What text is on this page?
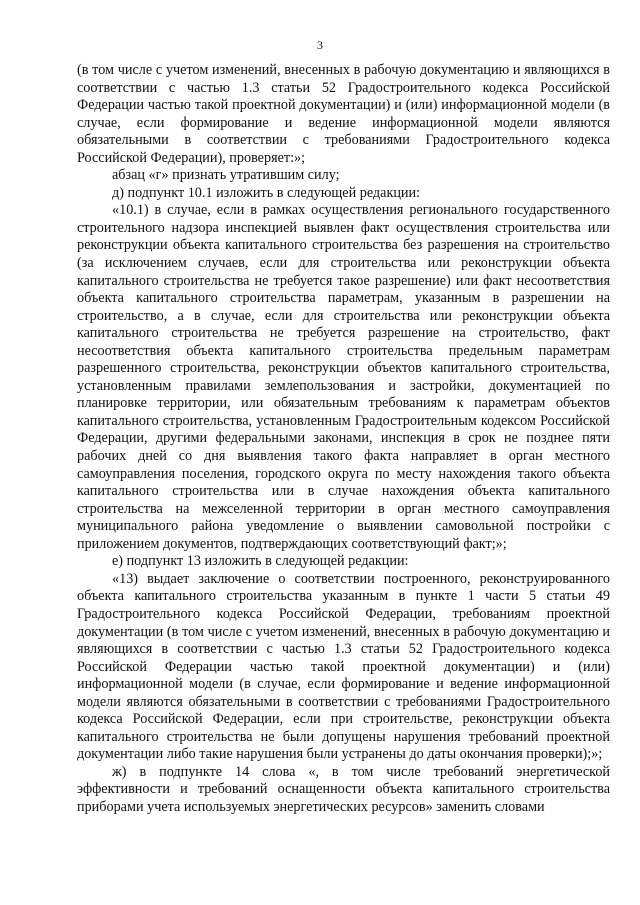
3

(в том числе с учетом изменений, внесенных в рабочую документацию и являющихся в соответствии с частью 1.3 статьи 52 Градостроительного кодекса Российской Федерации частью такой проектной документации) и (или) информационной модели (в случае, если формирование и ведение информационной модели являются обязательными в соответствии с требованиями Градостроительного кодекса Российской Федерации), проверяет:»;

абзац «г» признать утратившим силу;

д) подпункт 10.1 изложить в следующей редакции:

«10.1) в случае, если в рамках осуществления регионального государственного строительного надзора инспекцией выявлен факт осуществления строительства или реконструкции объекта капитального строительства без разрешения на строительство (за исключением случаев, если для строительства или реконструкции объекта капитального строительства не требуется такое разрешение) или факт несоответствия объекта капитального строительства параметрам, указанным в разрешении на строительство, а в случае, если для строительства или реконструкции объекта капитального строительства не требуется разрешение на строительство, факт несоответствия объекта капитального строительства предельным параметрам разрешенного строительства, реконструкции объектов капитального строительства, установленным правилами землепользования и застройки, документацией по планировке территории, или обязательным требованиям к параметрам объектов капитального строительства, установленным Градостроительным кодексом Российской Федерации, другими федеральными законами, инспекция в срок не позднее пяти рабочих дней со дня выявления такого факта направляет в орган местного самоуправления поселения, городского округа по месту нахождения такого объекта капитального строительства или в случае нахождения объекта капитального строительства на межселенной территории в орган местного самоуправления муниципального района уведомление о выявлении самовольной постройки с приложением документов, подтверждающих соответствующий факт;»;

е) подпункт 13 изложить в следующей редакции:

«13) выдает заключение о соответствии построенного, реконструированного объекта капитального строительства указанным в пункте 1 части 5 статьи 49 Градостроительного кодекса Российской Федерации, требованиям проектной документации (в том числе с учетом изменений, внесенных в рабочую документацию и являющихся в соответствии с частью 1.3 статьи 52 Градостроительного кодекса Российской Федерации частью такой проектной документации) и (или) информационной модели (в случае, если формирование и ведение информационной модели являются обязательными в соответствии с требованиями Градостроительного кодекса Российской Федерации, если при строительстве, реконструкции объекта капитального строительства не были допущены нарушения требований проектной документации либо такие нарушения были устранены до даты окончания проверки);»;

ж) в подпункте 14 слова «, в том числе требований энергетической эффективности и требований оснащенности объекта капитального строительства приборами учета используемых энергетических ресурсов» заменить словами
